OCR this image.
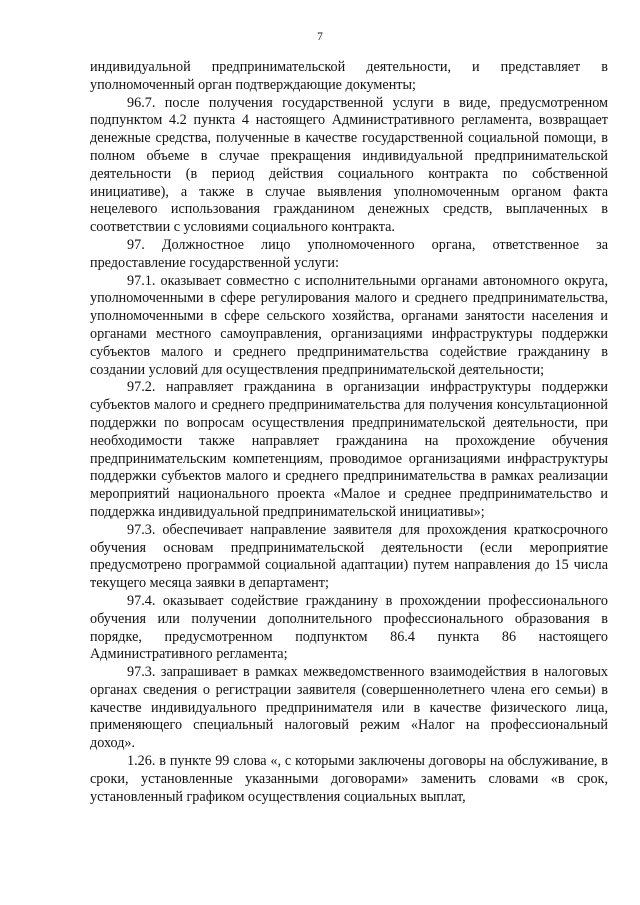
7

индивидуальной предпринимательской деятельности, и представляет в уполномоченный орган подтверждающие документы;

96.7. после получения государственной услуги в виде, предусмотренном подпунктом 4.2 пункта 4 настоящего Административного регламента, возвращает денежные средства, полученные в качестве государственной социальной помощи, в полном объеме в случае прекращения индивидуальной предпринимательской деятельности (в период действия социального контракта по собственной инициативе), а также в случае выявления уполномоченным органом факта нецелевого использования гражданином денежных средств, выплаченных в соответствии с условиями социального контракта.

97. Должностное лицо уполномоченного органа, ответственное за предоставление государственной услуги:

97.1. оказывает совместно с исполнительными органами автономного округа, уполномоченными в сфере регулирования малого и среднего предпринимательства, уполномоченными в сфере сельского хозяйства, органами занятости населения и органами местного самоуправления, организациями инфраструктуры поддержки субъектов малого и среднего предпринимательства содействие гражданину в создании условий для осуществления предпринимательской деятельности;

97.2. направляет гражданина в организации инфраструктуры поддержки субъектов малого и среднего предпринимательства для получения консультационной поддержки по вопросам осуществления предпринимательской деятельности, при необходимости также направляет гражданина на прохождение обучения предпринимательским компетенциям, проводимое организациями инфраструктуры поддержки субъектов малого и среднего предпринимательства в рамках реализации мероприятий национального проекта «Малое и среднее предпринимательство и поддержка индивидуальной предпринимательской инициативы»;

97.3. обеспечивает направление заявителя для прохождения краткосрочного обучения основам предпринимательской деятельности (если мероприятие предусмотрено программой социальной адаптации) путем направления до 15 числа текущего месяца заявки в департамент;

97.4. оказывает содействие гражданину в прохождении профессионального обучения или получении дополнительного профессионального образования в порядке, предусмотренном подпунктом 86.4 пункта 86 настоящего Административного регламента;

97.3. запрашивает в рамках межведомственного взаимодействия в налоговых органах сведения о регистрации заявителя (совершеннолетнего члена его семьи) в качестве индивидуального предпринимателя или в качестве физического лица, применяющего специальный налоговый режим «Налог на профессиональный доход».

1.26. в пункте 99 слова «, с которыми заключены договоры на обслуживание, в сроки, установленные указанными договорами» заменить словами «в срок, установленный графиком осуществления социальных выплат,
